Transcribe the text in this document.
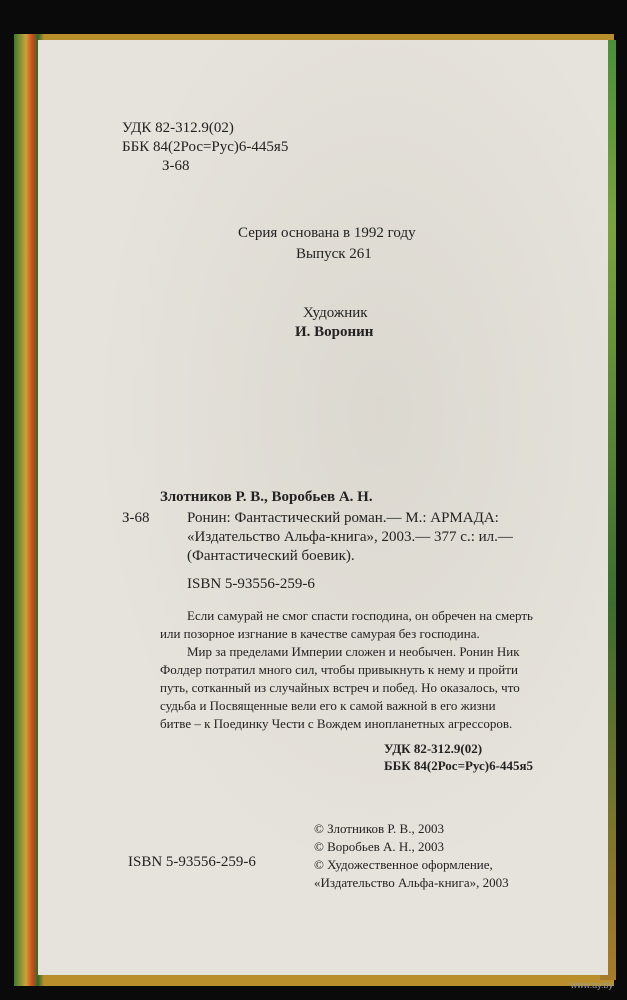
УДК 82-312.9(02)
ББК 84(2Рос=Рус)6-445я5
З-68
Серия основана в 1992 году
Выпуск 261
Художник
И. Воронин
Злотников Р. В., Воробьев А. Н.
З-68 Ронин: Фантастический роман.— М.: АРМАДА:
«Издательство Альфа-книга», 2003.— 377 с.: ил.—
(Фантастический боевик).
ISBN 5-93556-259-6
Если самурай не смог спасти господина, он обречен на смерть
или позорное изгнание в качестве самурая без господина.
Мир за пределами Империи сложен и необычен. Ронин Ник
Фолдер потратил много сил, чтобы привыкнуть к нему и пройти
путь, сотканный из случайных встреч и побед. Но оказалось, что
судьба и Посвященные вели его к самой важной в его жизни
битве – к Поединку Чести с Вождем инопланетных агрессоров.
УДК 82-312.9(02)
ББК 84(2Рос=Рус)6-445я5
© Злотников Р. В., 2003
© Воробьев А. Н., 2003
© Художественное оформление,
«Издательство Альфа-книга», 2003
ISBN 5-93556-259-6
www.ay.by
